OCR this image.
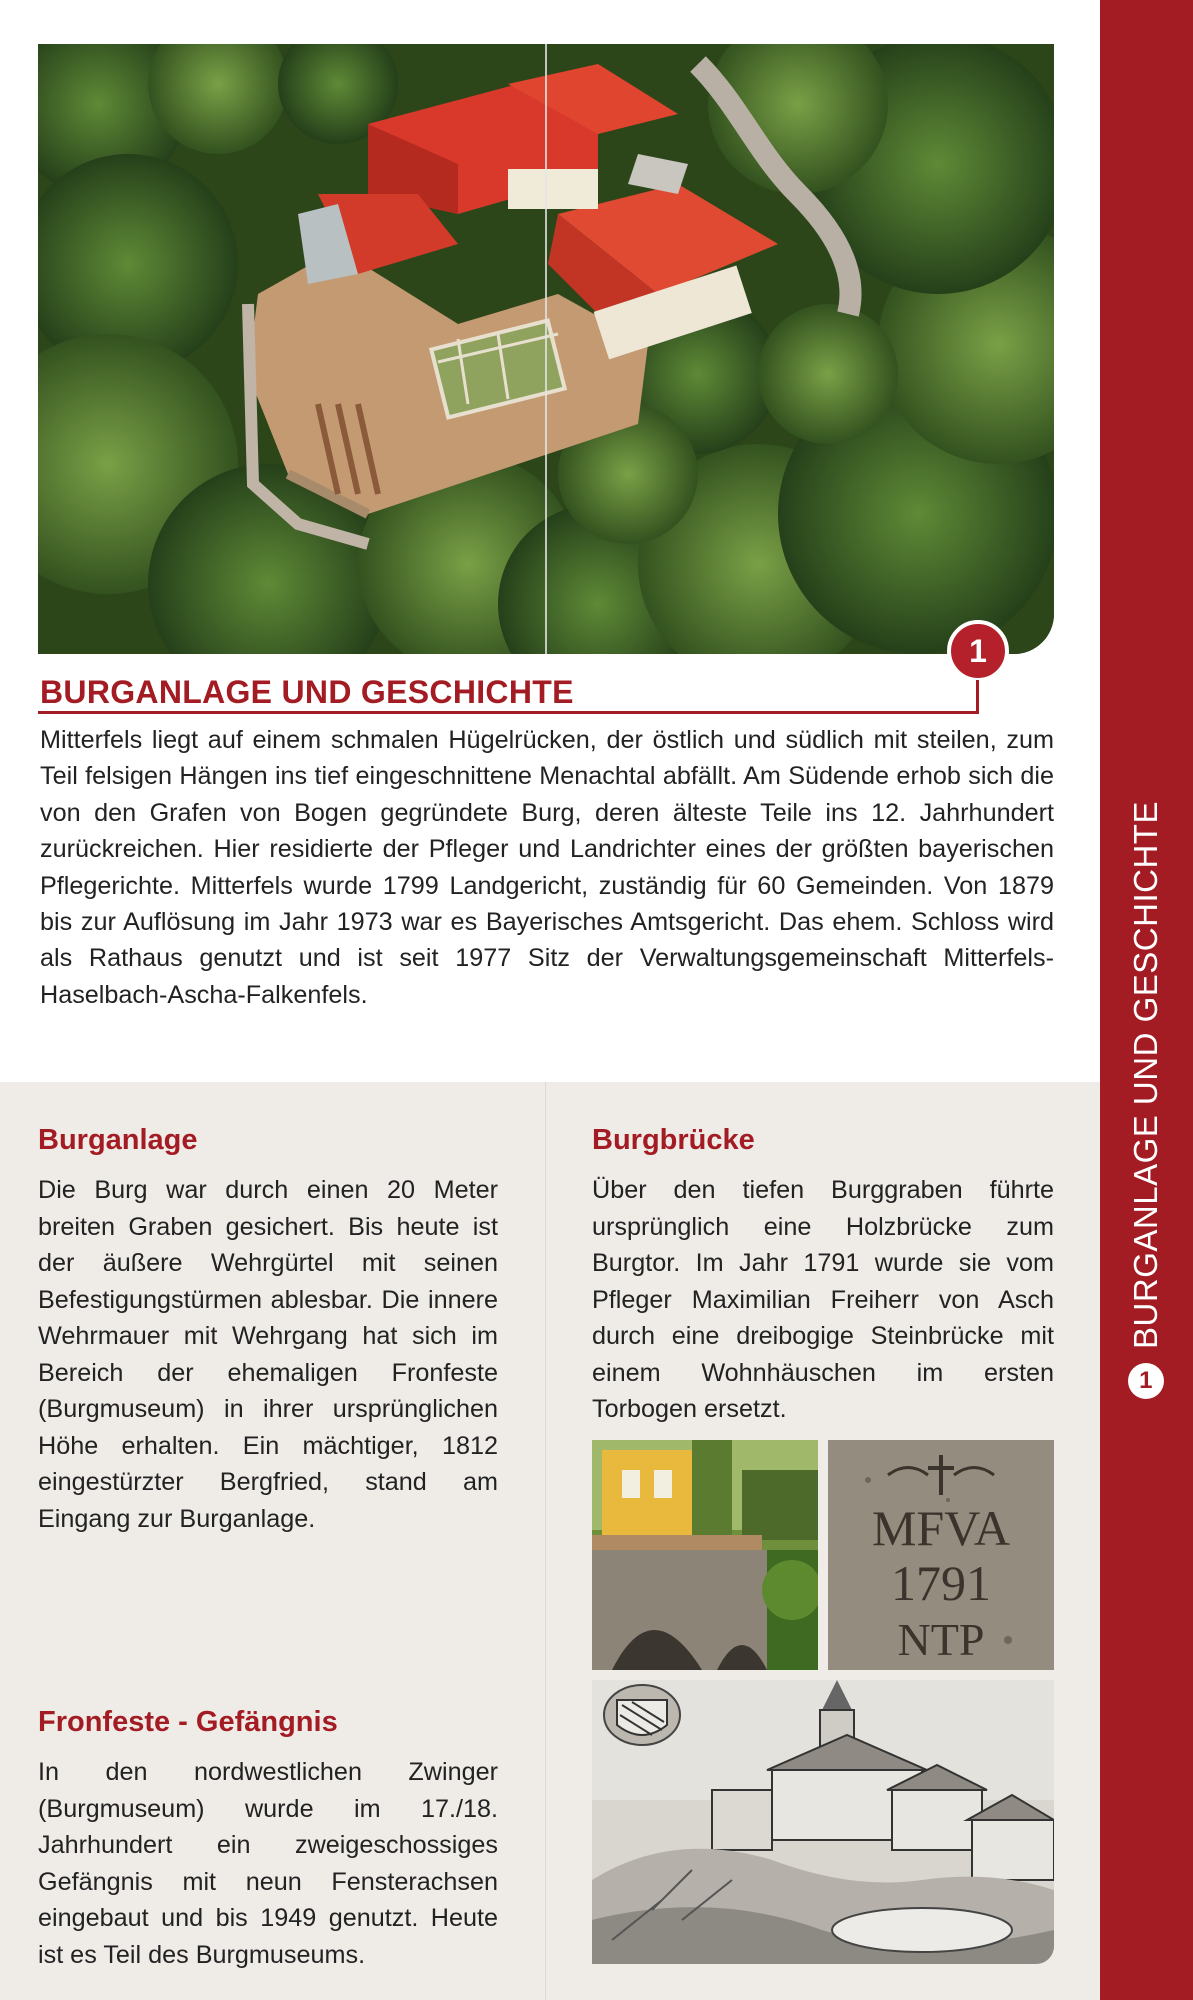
1
BURGANLAGE UND GESCHICHTE
Mitterfels liegt auf einem schmalen Hügelrücken, der östlich und südlich mit steilen, zum Teil felsigen Hängen ins tief eingeschnittene Menachtal abfällt. Am Südende erhob sich die von den Grafen von Bogen gegründete Burg, deren älteste Teile ins 12. Jahrhundert zurückreichen. Hier residierte der Pfleger und Landrichter eines der größten bayerischen Pflegerichte. Mitterfels wurde 1799 Landgericht, zuständig für 60 Gemeinden. Von 1879 bis zur Auflösung im Jahr 1973 war es Bayerisches Amtsgericht. Das ehem. Schloss wird als Rathaus genutzt und ist seit 1977 Sitz der Verwaltungsgemeinschaft Mitterfels-Haselbach-Ascha-Falkenfels.
Burganlage
Die Burg war durch einen 20 Meter breiten Graben gesichert. Bis heute ist der äußere Wehrgürtel mit seinen Befestigungstürmen ablesbar. Die innere Wehrmauer mit Wehrgang hat sich im Bereich der ehemaligen Fronfeste (Burgmuseum) in ihrer ursprünglichen Höhe erhalten. Ein mächtiger, 1812 eingestürzter Bergfried, stand am Eingang zur Burganlage.
Fronfeste - Gefängnis
In den nordwestlichen Zwinger (Burgmuseum) wurde im 17./18. Jahrhundert ein zweigeschossiges Gefängnis mit neun Fensterachsen eingebaut und bis 1949 genutzt. Heute ist es Teil des Burgmuseums.
Burgbrücke
Über den tiefen Burggraben führte ursprünglich eine Holzbrücke zum Burgtor. Im Jahr 1791 wurde sie vom Pfleger Maximilian Freiherr von Asch durch eine dreibogige Steinbrücke mit einem Wohnhäuschen im ersten Torbogen ersetzt.
MFVA
1791
NTP
1
BURGANLAGE UND GESCHICHTE
